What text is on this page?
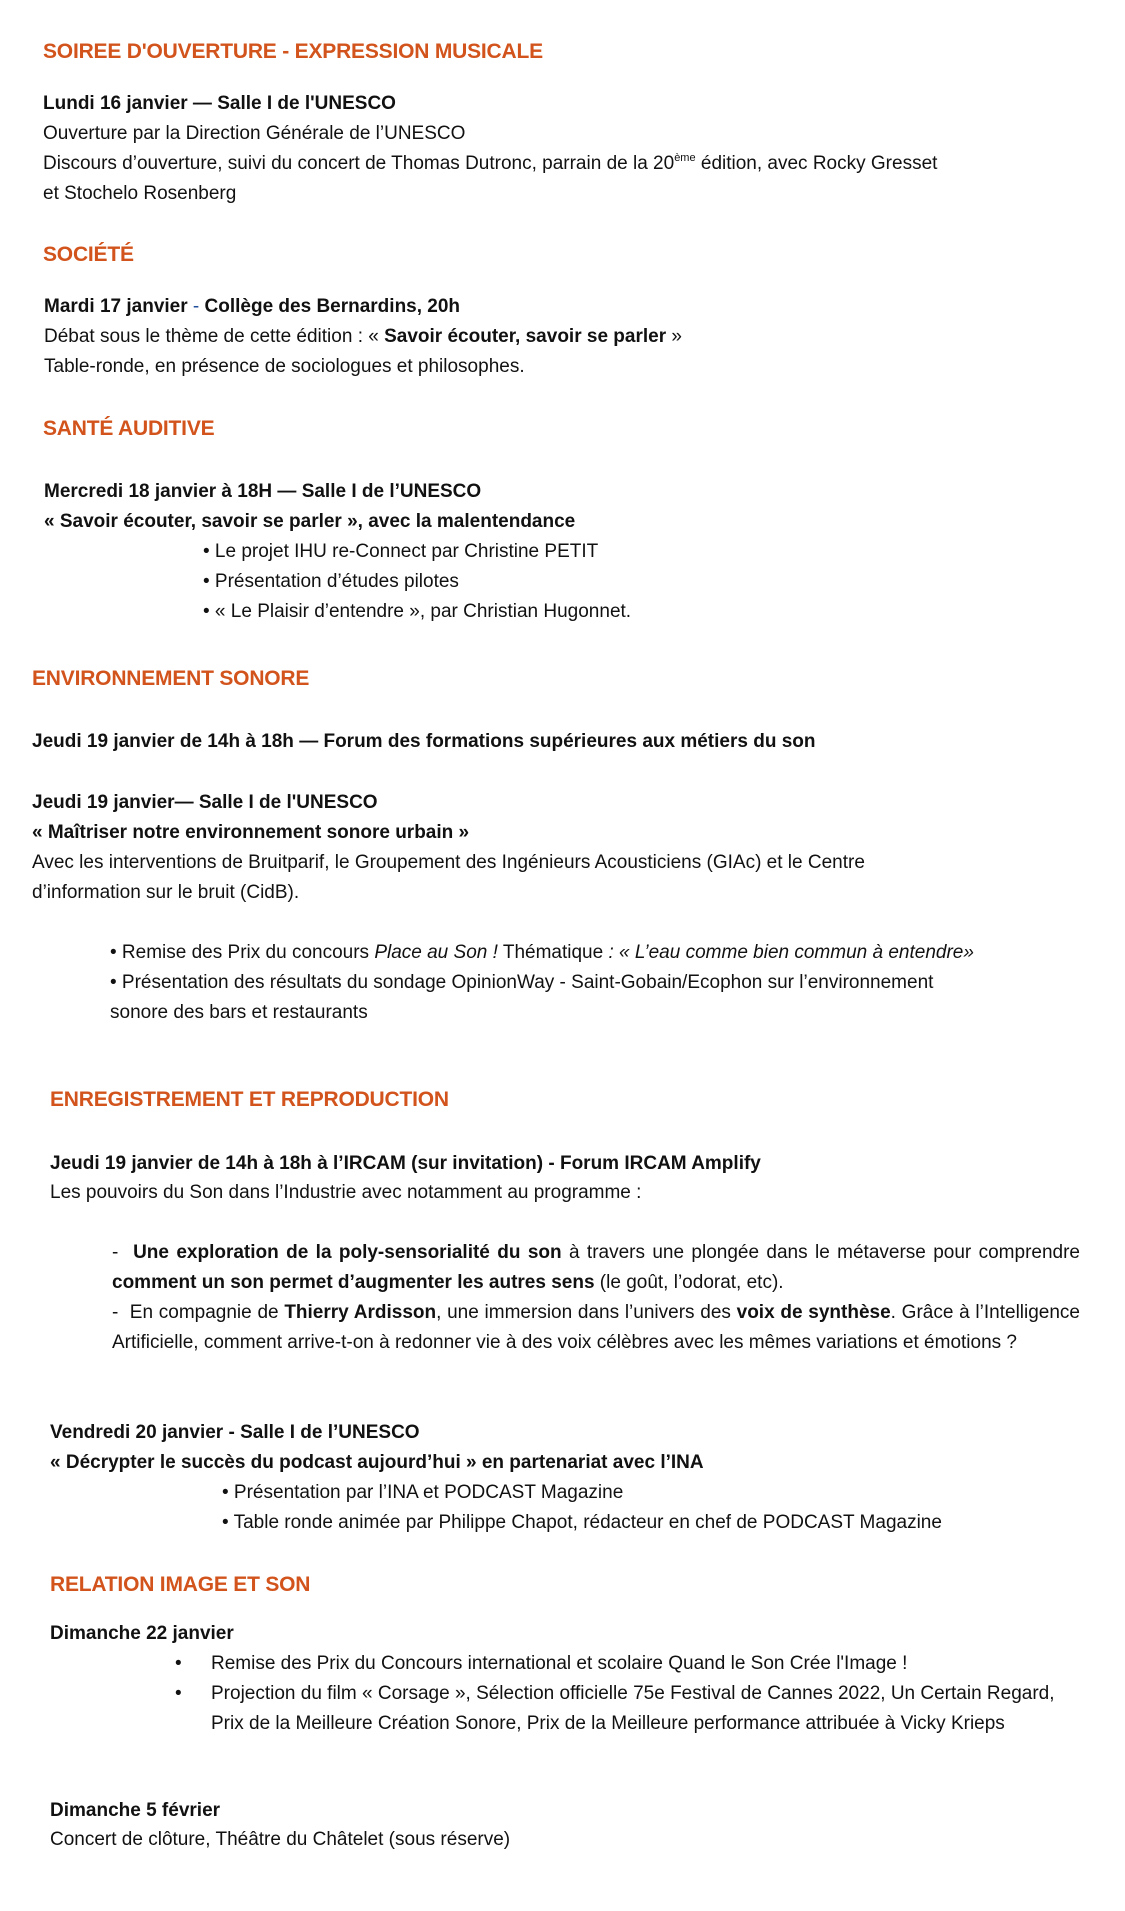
SOIREE D'OUVERTURE - EXPRESSION MUSICALE
Lundi 16 janvier — Salle I de l'UNESCO
Ouverture par la Direction Générale de l’UNESCO
Discours d’ouverture, suivi du concert de Thomas Dutronc, parrain de la 20ème édition, avec Rocky Gresset
et Stochelo Rosenberg
SOCIÉTÉ
Mardi 17 janvier - Collège des Bernardins, 20h
Débat sous le thème de cette édition : « Savoir écouter, savoir se parler »
Table-ronde, en présence de sociologues et philosophes.
SANTÉ AUDITIVE
Mercredi 18 janvier à 18H — Salle I de l’UNESCO
« Savoir écouter, savoir se parler », avec la malentendance
• Le projet IHU re-Connect par Christine PETIT
• Présentation d’études pilotes
• « Le Plaisir d’entendre », par Christian Hugonnet.
ENVIRONNEMENT SONORE
Jeudi 19 janvier de 14h à 18h — Forum des formations supérieures aux métiers du son
Jeudi 19 janvier— Salle I de l'UNESCO
« Maîtriser notre environnement sonore urbain »
Avec les interventions de Bruitparif, le Groupement des Ingénieurs Acousticiens (GIAc) et le Centre
d’information sur le bruit (CidB).
• Remise des Prix du concours Place au Son ! Thématique : « L’eau comme bien commun à entendre»
• Présentation des résultats du sondage OpinionWay - Saint-Gobain/Ecophon sur l’environnement
sonore des bars et restaurants
ENREGISTREMENT ET REPRODUCTION
Jeudi 19 janvier de 14h à 18h à l’IRCAM (sur invitation) - Forum IRCAM Amplify
Les pouvoirs du Son dans l’Industrie avec notamment au programme :
-  Une exploration de la poly-sensorialité du son à travers une plongée dans le métaverse pour comprendre comment un son permet d’augmenter les autres sens (le goût, l’odorat, etc).
-  En compagnie de Thierry Ardisson, une immersion dans l’univers des voix de synthèse. Grâce à l’Intelligence Artificielle, comment arrive-t-on à redonner vie à des voix célèbres avec les mêmes variations et émotions ?
Vendredi 20 janvier - Salle I de l’UNESCO
« Décrypter le succès du podcast aujourd’hui » en partenariat avec l’INA
• Présentation par l’INA et PODCAST Magazine
• Table ronde animée par Philippe Chapot, rédacteur en chef de PODCAST Magazine
RELATION IMAGE ET SON
Dimanche 22 janvier
• Remise des Prix du Concours international et scolaire Quand le Son Crée l'Image !
• Projection du film « Corsage », Sélection officielle 75e Festival de Cannes 2022, Un Certain Regard, Prix de la Meilleure Création Sonore, Prix de la Meilleure performance attribuée à Vicky Krieps
Dimanche 5 février
Concert de clôture, Théâtre du Châtelet (sous réserve)
